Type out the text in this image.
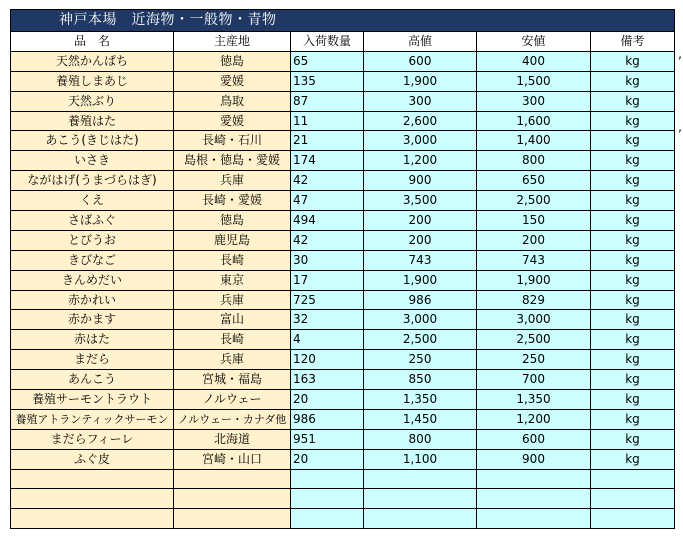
神戸本場　近海物・一般物・青物					
品　名	主産地	入荷数量	高値	安値	備考
天然かんぱち	徳島	65	600	400	kg
養殖しまあじ	愛媛	135	1,900	1,500	kg
天然ぶり	鳥取	87	300	300	kg
養殖はた	愛媛	11	2,600	1,600	kg
あこう(きじはた)	長崎・石川	21	3,000	1,400	kg
いさき	島根・徳島・愛媛	174	1,200	800	kg
ながはげ(うまづらはぎ)	兵庫	42	900	650	kg
くえ	長崎・愛媛	47	3,500	2,500	kg
さばふぐ	徳島	494	200	150	kg
とびうお	鹿児島	42	200	200	kg
きびなご	長崎	30	743	743	kg
きんめだい	東京	17	1,900	1,900	kg
赤かれい	兵庫	725	986	829	kg
赤かます	富山	32	3,000	3,000	kg
赤はた	長崎	4	2,500	2,500	kg
まだら	兵庫	120	250	250	kg
あんこう	宮城・福島	163	850	700	kg
養殖サーモントラウト	ノルウェー	20	1,350	1,350	kg
養殖アトランティックサーモン	ノルウェー・カナダ他	986	1,450	1,200	kg
まだらフィーレ	北海道	951	800	600	kg
ふぐ皮	宮崎・山口	20	1,100	900	kg

,
,
